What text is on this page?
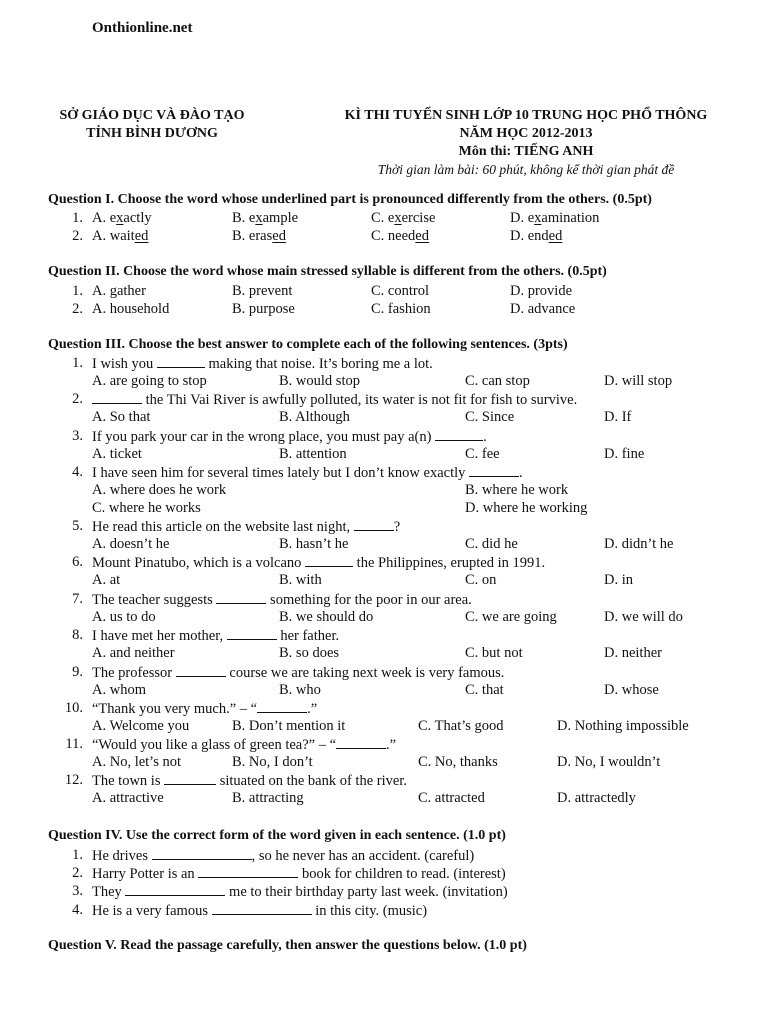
Onthionline.net
SỞ GIÁO DỤC VÀ ĐÀO TẠO
TỈNH BÌNH DƯƠNG
KÌ THI TUYỂN SINH LỚP 10 TRUNG HỌC PHỔ THÔNG
NĂM HỌC 2012-2013
Môn thi: TIẾNG ANH
Thời gian làm bài: 60 phút, không kể thời gian phát đề
Question I. Choose the word whose underlined part is pronounced differently from the others. (0.5pt)
1. A. exactly	B. example	C. exercise	D. examination
2. A. waited	B. erased	C. needed	D. ended
Question II. Choose the word whose main stressed syllable is different from the others. (0.5pt)
1. A. gather	B. prevent	C. control	D. provide
2. A. household	B. purpose	C. fashion	D. advance
Question III. Choose the best answer to complete each of the following sentences. (3pts)
1. I wish you	making that noise. It’s boring me a lot.
A. are going to stop	B. would stop	C. can stop	D. will stop
2.	the Thi Vai River is awfully polluted, its water is not fit for fish to survive.
A. So that	B. Although	C. Since	D. If
3. If you park your car in the wrong place, you must pay a(n)	.
A. ticket	B. attention	C. fee	D. fine
4. I have seen him for several times lately but I don’t know exactly	.
A. where does he work	B. where he work
C. where he works	D. where he working
5. He read this article on the website last night,	?
A. doesn’t he	B. hasn’t he	C. did he	D. didn’t he
6. Mount Pinatubo, which is a volcano	the Philippines, erupted in 1991.
A. at	B. with	C. on	D. in
7. The teacher suggests	something for the poor in our area.
A. us to do	B. we should do	C. we are going	D. we will do
8. I have met her mother,	her father.
A. and neither	B. so does	C. but not	D. neither
9. The professor	course we are taking next week is very famous.
A. whom	B. who	C. that	D. whose
10. “Thank you very much.” – “	.”
A. Welcome you	B. Don’t mention it	C. That’s good	D. Nothing impossible
11. “Would you like a glass of green tea?” – “	.”
A. No, let’s not	B. No, I don’t	C. No, thanks	D. No, I wouldn’t
12. The town is	situated on the bank of the river.
A. attractive	B. attracting	C. attracted	D. attractedly
Question IV. Use the correct form of the word given in each sentence. (1.0 pt)
1. He drives	, so he never has an accident. (careful)
2. Harry Potter is an	book for children to read. (interest)
3. They	me to their birthday party last week. (invitation)
4. He is a very famous	in this city. (music)
Question V. Read the passage carefully, then answer the questions below. (1.0 pt)
